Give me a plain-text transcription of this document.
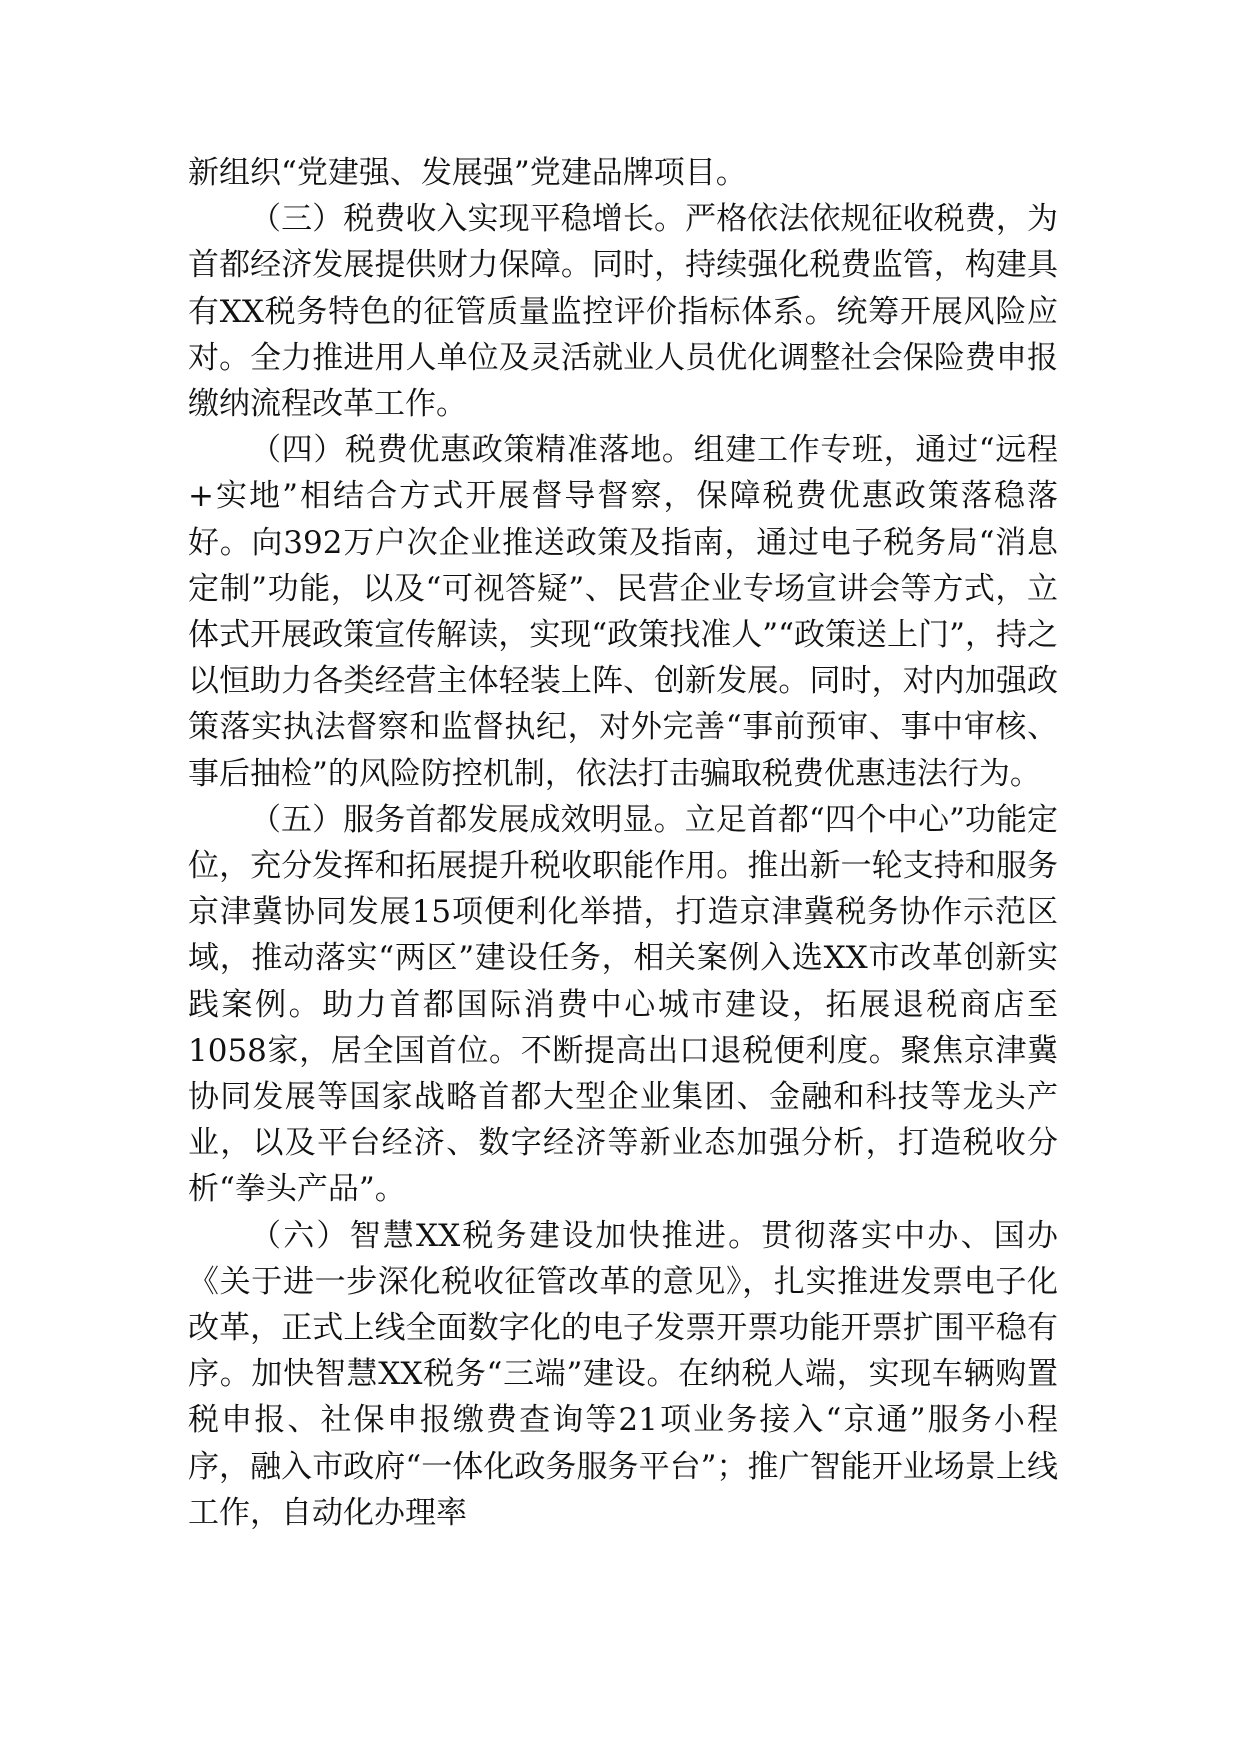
新组织“党建强、发展强”党建品牌项目。

（三）税费收入实现平稳增长。严格依法依规征收税费，为首都经济发展提供财力保障。同时，持续强化税费监管，构建具有XX税务特色的征管质量监控评价指标体系。统筹开展风险应对。全力推进用人单位及灵活就业人员优化调整社会保险费申报缴纳流程改革工作。

（四）税费优惠政策精准落地。组建工作专班，通过“远程+实地”相结合方式开展督导督察，保障税费优惠政策落稳落好。向392万户次企业推送政策及指南，通过电子税务局“消息定制”功能，以及“可视答疑”、民营企业专场宣讲会等方式，立体式开展政策宣传解读，实现“政策找准人”“政策送上门”，持之以恒助力各类经营主体轻装上阵、创新发展。同时，对内加强政策落实执法督察和监督执纪，对外完善“事前预审、事中审核、事后抽检”的风险防控机制，依法打击骗取税费优惠违法行为。

（五）服务首都发展成效明显。立足首都“四个中心”功能定位，充分发挥和拓展提升税收职能作用。推出新一轮支持和服务京津冀协同发展15项便利化举措，打造京津冀税务协作示范区域，推动落实“两区”建设任务，相关案例入选XX市改革创新实践案例。助力首都国际消费中心城市建设，拓展退税商店至1058家，居全国首位。不断提高出口退税便利度。聚焦京津冀协同发展等国家战略首都大型企业集团、金融和科技等龙头产业，以及平台经济、数字经济等新业态加强分析，打造税收分析“拳头产品”。

（六）智慧XX税务建设加快推进。贯彻落实中办、国办《关于进一步深化税收征管改革的意见》，扎实推进发票电子化改革，正式上线全面数字化的电子发票开票功能开票扩围平稳有序。加快智慧XX税务“三端”建设。在纳税人端，实现车辆购置税申报、社保申报缴费查询等21项业务接入“京通”服务小程序，融入市政府“一体化政务服务平台”；推广智能开业场景上线工作，自动化办理率
